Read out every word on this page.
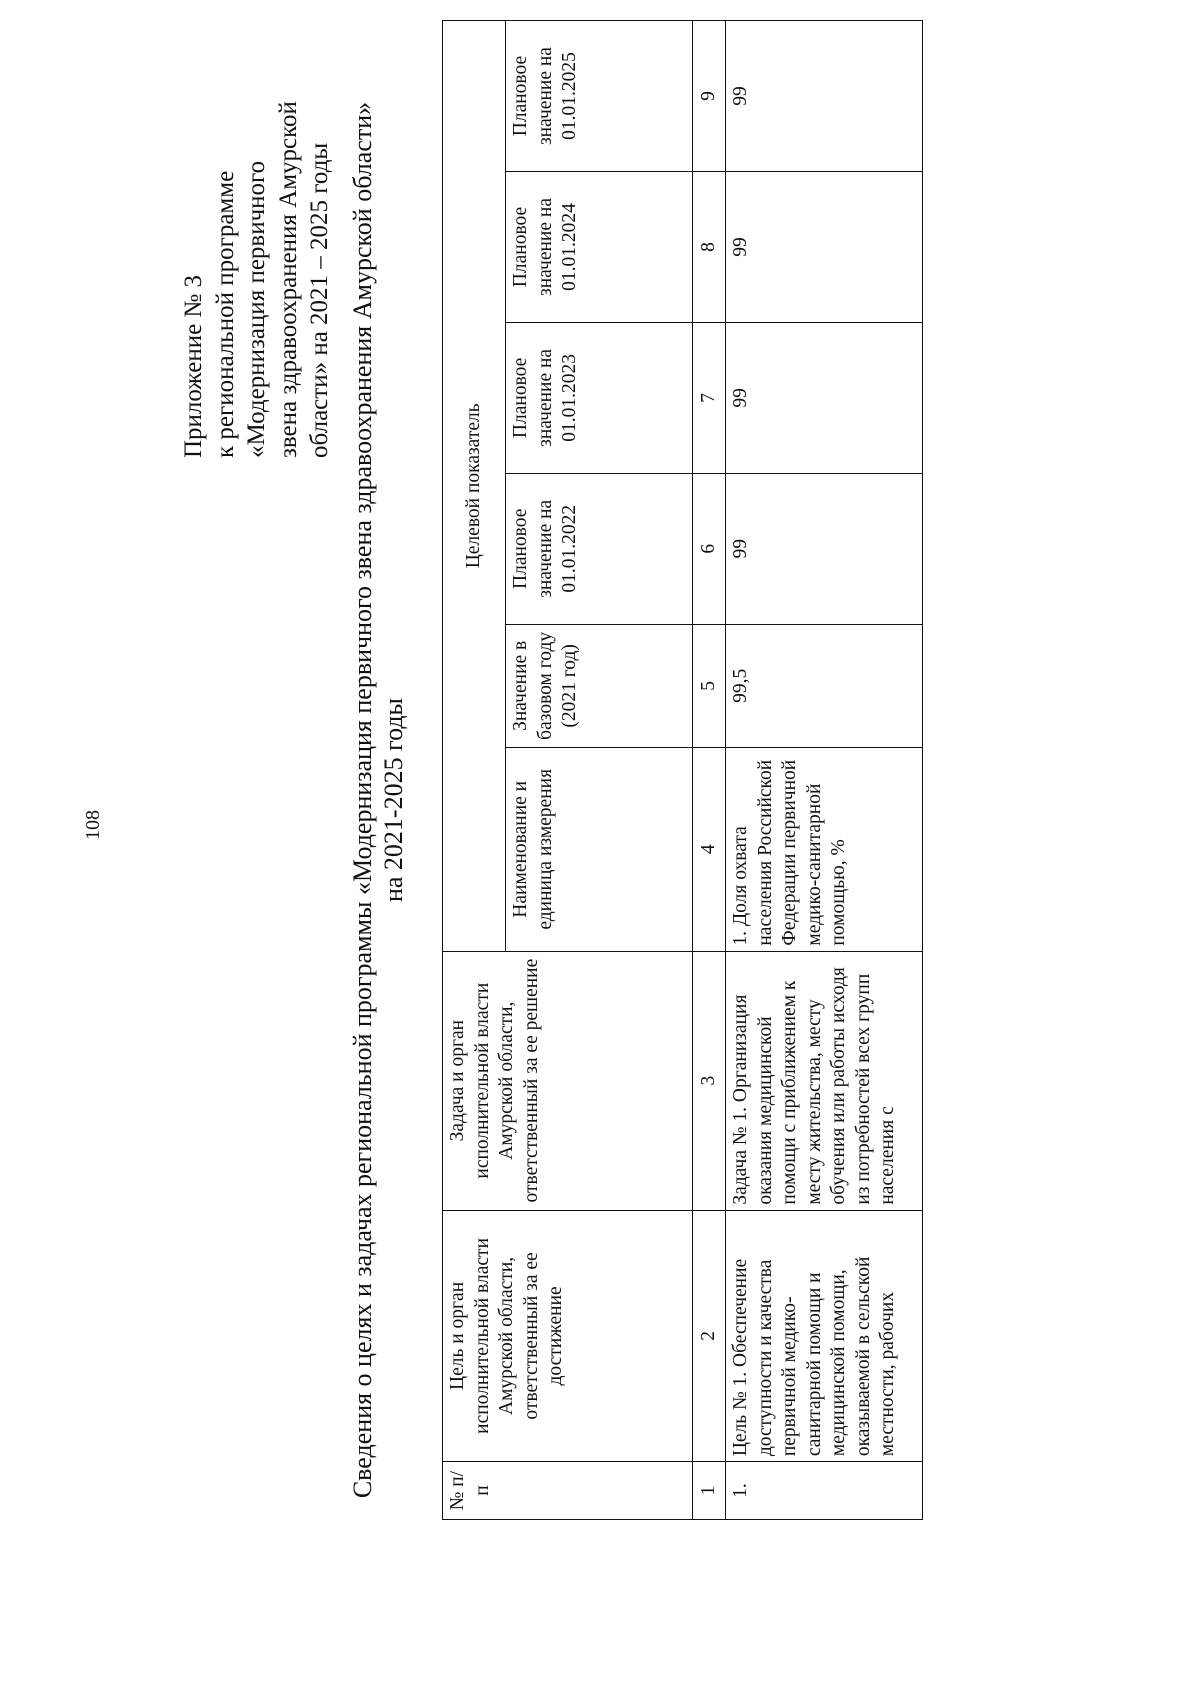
108
Приложение № 3 к региональной программе «Модернизация первичного звена здравоохранения Амурской области» на 2021 – 2025 годы Сведения о целях и задачах региональной программы «Модернизация первичного звена здравоохранения Амурской области» на 2021-2025 годы
№ п/п	Цель и орган исполнительной власти Амурской области, ответственный за ее достижение	Задача и орган исполнительной власти Амурской области, ответственный за ее решение	Целевой показатель					
			Наименование и единица измерения	Значение в базовом году (2021 год)	Плановое значение на 01.01.2022	Плановое значение на 01.01.2023	Плановое значение на 01.01.2024	Плановое значение на 01.01.2025
1	2	3	4	5	6	7	8	9
1.	Цель № 1. Обеспечение доступности и качества первичной медико-санитарной помощи и медицинской помощи, оказываемой в сельской местности, рабочих	Задача № 1. Организация оказания медицинской помощи с приближением к месту жительства, месту обучения или работы исходя из потребностей всех групп населения с	1. Доля охвата населения Российской Федерации первичной медико-санитарной помощью, %	99,5	99	99	99	99
